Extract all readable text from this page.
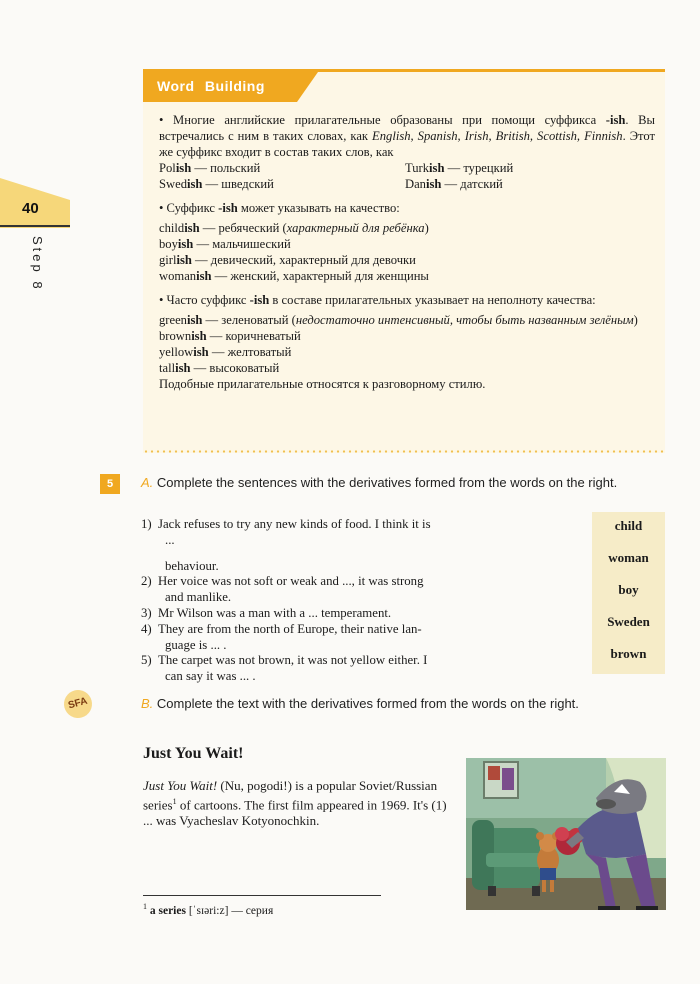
40
Step 8
Word Building

• Многие английские прилагательные образованы при помощи суффикса -ish. Вы встречались с ним в таких словах, как English, Spanish, Irish, British, Scottish, Finnish. Этот же суффикс входит в состав таких слов, как

Polish — польский	Turkish — турецкий
Swedish — шведский	Danish — датский

• Суффикс -ish может указывать на качество:

childish — ребячеcкий (характерный для ребёнка)

boyish — мальчишеский

girlish — девический, характерный для девочки

womanish — женский, характерный для женщины

• Часто суффикс -ish в составе прилагательных указывает на неполноту качества:

greenish — зеленоватый (недостаточно интенсивный, чтобы быть названным зелёным)

brownish — коричневатый

yellowish — желтоватый

tallish — высоковатый

Подобные прилагательные относятся к разговорному стилю.

5	A. Complete the sentences with the derivatives formed from the words on the right.
1) Jack refuses to try any new kinds of food. I think it is
...
behaviour.
2) Her voice was not soft or weak and ..., it was strong
and manlike.
3) Mr Wilson was a man with a ... temperament.
4) They are from the north of Europe, their native lan-
guage is ... .
5) The carpet was not brown, it was not yellow either. I
can say it was ... .
child
woman
boy
Sweden
brown
SFA	B. Complete the text with the derivatives formed from the words on the right.
Just You Wait!
Just You Wait! (Nu, pogodi!) is a popular Soviet/Russian series$^1$ of cartoons. The first film appeared in 1969. It's (1) ... was Vyacheslav Kotyonochkin.
$^1$ a series [ˈsɪəri:z] — серия
